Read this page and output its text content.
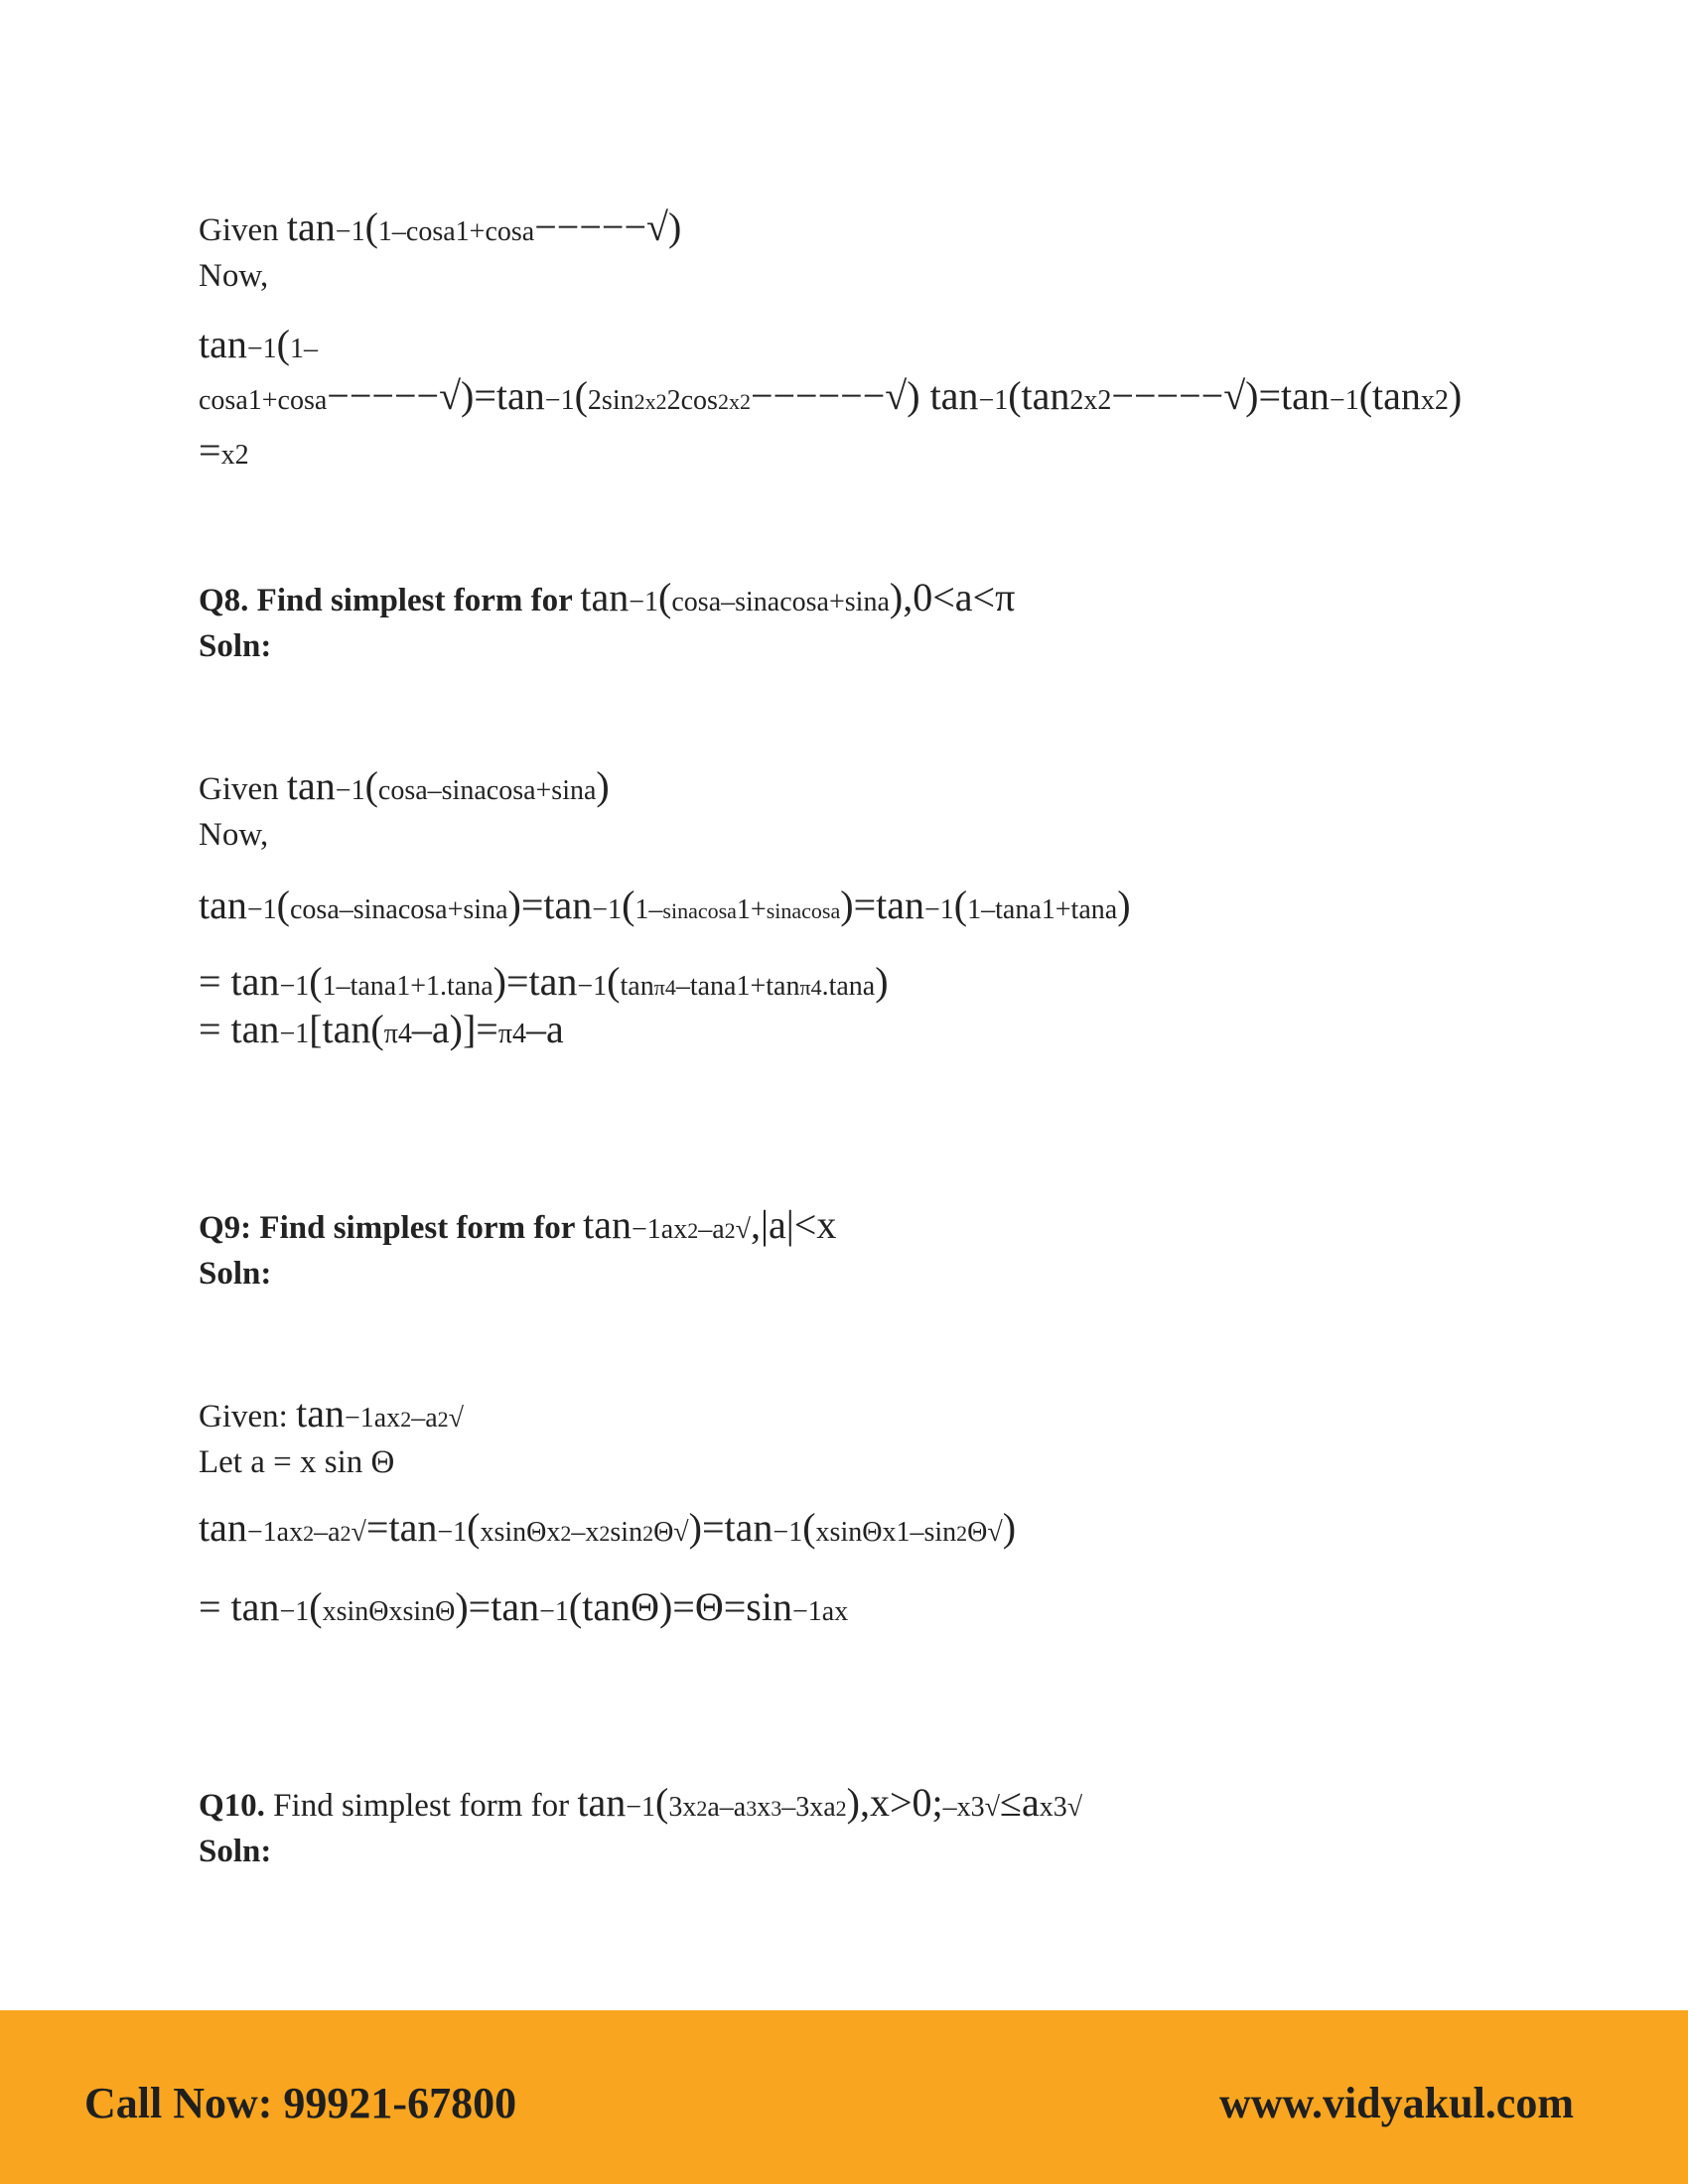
Given tan−1(1–cosa1+cosa−−−−−√)
Now,
tan−1(1–
cosa1+cosa−−−−−√)=tan−1(2sin2x22cos2x2−−−−−−√) tan−1(tan2x2−−−−−√)=tan−1(tanx2)
=x2
Q8. Find simplest form for tan−1(cosa–sinacosa+sina),0<a<π
Soln:
Given tan−1(cosa–sinacosa+sina)
Now,
tan−1(cosa–sinacosa+sina)=tan−1(1–sinacosa1+sinacosa)=tan−1(1–tana1+tana)
= tan−1(1–tana1+1.tana)=tan−1(tanπ4–tana1+tanπ4.tana)
= tan−1[tan(π4–a)]=π4–a
Q9: Find simplest form for tan−1ax2–a2√,|a|<x
Soln:
Given: tan−1ax2–a2√
Let a = x sin Θ
tan−1ax2–a2√=tan−1(xsinΘx2–x2sin2Θ√)=tan−1(xsinΘx1–sin2Θ√)
= tan−1(xsinΘxsinΘ)=tan−1(tanΘ)=Θ=sin−1ax
Q10. Find simplest form for tan−1(3x2a–a3x3–3xa2),x>0;–x3√≤ax3√
Soln:
Call Now: 99921-67800	www.vidyakul.com
